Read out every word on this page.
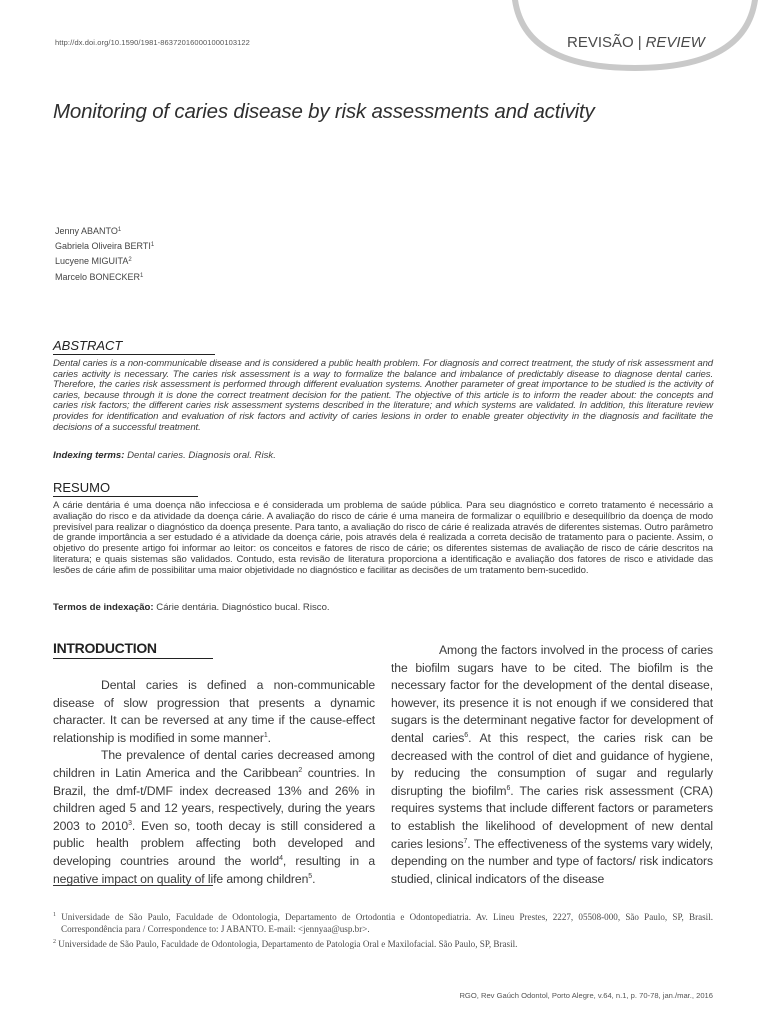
http://dx.doi.org/10.1590/1981-863720160001000103122	REVISÃO | REVIEW
Monitoring of caries disease by risk assessments and activity
Jenny ABANTO$^1$
Gabriela Oliveira BERTI$^1$
Lucyene MIGUITA$^2$
Marcelo BONECKER$^1$
ABSTRACT
Dental caries is a non-communicable disease and is considered a public health problem. For diagnosis and correct treatment, the study of risk assessment and caries activity is necessary. The caries risk assessment is a way to formalize the balance and imbalance of predictably disease to diagnose dental caries. Therefore, the caries risk assessment is performed through different evaluation systems. Another parameter of great importance to be studied is the activity of caries, because through it is done the correct treatment decision for the patient. The objective of this article is to inform the reader about: the concepts and caries risk factors; the different caries risk assessment systems described in the literature; and which systems are validated. In addition, this literature review provides for identification and evaluation of risk factors and activity of caries lesions in order to enable greater objectivity in the diagnosis and facilitate the decisions of a successful treatment.
Indexing terms: Dental caries. Diagnosis oral. Risk.
RESUMO
A cárie dentária é uma doença não infecciosa e é considerada um problema de saúde pública. Para seu diagnóstico e correto tratamento é necessário a avaliação do risco e da atividade da doença cárie. A avaliação do risco de cárie é uma maneira de formalizar o equilíbrio e desequilíbrio da doença de modo previsível para realizar o diagnóstico da doença presente. Para tanto, a avaliação do risco de cárie é realizada através de diferentes sistemas. Outro parâmetro de grande importância a ser estudado é a atividade da doença cárie, pois através dela é realizada a correta decisão de tratamento para o paciente. Assim, o objetivo do presente artigo foi informar ao leitor: os conceitos e fatores de risco de cárie; os diferentes sistemas de avaliação de risco de cárie descritos na literatura; e quais sistemas são validados. Contudo, esta revisão de literatura proporciona a identificação e avaliação dos fatores de risco e atividade das lesões de cárie afim de possibilitar uma maior objetividade no diagnóstico e facilitar as decisões de um tratamento bem-sucedido.
Termos de indexação: Cárie dentária. Diagnóstico bucal. Risco.
INTRODUCTION

Dental caries is defined a non-communicable disease of slow progression that presents a dynamic character. It can be reversed at any time if the cause-effect relationship is modified in some manner$^1$.

The prevalence of dental caries decreased among children in Latin America and the Caribbean$^2$ countries. In Brazil, the dmf-t/DMF index decreased 13% and 26% in children aged 5 and 12 years, respectively, during the years 2003 to 2010$^3$. Even so, tooth decay is still considered a public health problem affecting both developed and developing countries around the world$^4$, resulting in a negative impact on quality of life among children$^5$.

Among the factors involved in the process of caries the biofilm sugars have to be cited. The biofilm is the necessary factor for the development of the dental disease, however, its presence it is not enough if we considered that sugars is the determinant negative factor for development of dental caries$^6$. At this respect, the caries risk can be decreased with the control of diet and guidance of hygiene, by reducing the consumption of sugar and regularly disrupting the biofilm$^6$. The caries risk assessment (CRA) requires systems that include different factors or parameters to establish the likelihood of development of new dental caries lesions$^7$. The effectiveness of the systems vary widely, depending on the number and type of factors/ risk indicators studied, clinical indicators of the disease

$^1$ Universidade de São Paulo, Faculdade de Odontologia, Departamento de Ortodontia e Odontopediatria. Av. Lineu Prestes, 2227, 05508-000, São Paulo, SP, Brasil. Correspondência para / Correspondence to: J ABANTO. E-mail: <jennyaa@usp.br>.

$^2$ Universidade de São Paulo, Faculdade de Odontologia, Departamento de Patologia Oral e Maxilofacial. São Paulo, SP, Brasil.

RGO, Rev Gaúch Odontol, Porto Alegre, v.64, n.1, p. 70-78, jan./mar., 2016
